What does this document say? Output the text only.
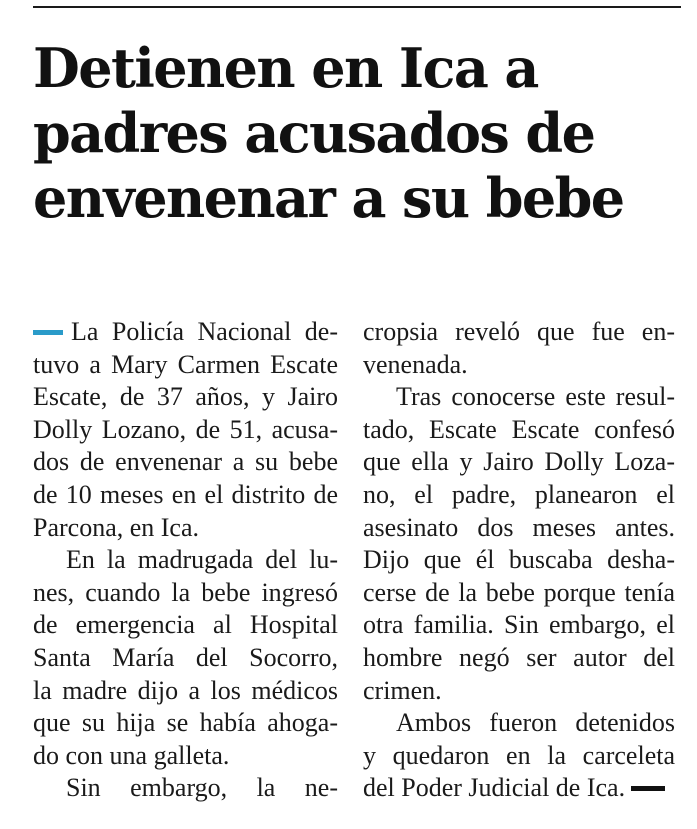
Detienen en Ica a
padres acusados de
envenenar a su bebe
La Policía Nacional de-
tuvo a Mary Carmen Escate
Escate, de 37 años, y Jairo
Dolly Lozano, de 51, acusa-
dos de envenenar a su bebe
de 10 meses en el distrito de
Parcona, en Ica.
En la madrugada del lu-
nes, cuando la bebe ingresó
de emergencia al Hospital
Santa María del Socorro,
la madre dijo a los médicos
que su hija se había ahoga-
do con una galleta.
Sin embargo, la ne-
cropsia reveló que fue en-
venenada.
Tras conocerse este resul-
tado, Escate Escate confesó
que ella y Jairo Dolly Loza-
no, el padre, planearon el
asesinato dos meses antes.
Dijo que él buscaba desha-
cerse de la bebe porque tenía
otra familia. Sin embargo, el
hombre negó ser autor del
crimen.
Ambos fueron detenidos
y quedaron en la carceleta
del Poder Judicial de Ica.
